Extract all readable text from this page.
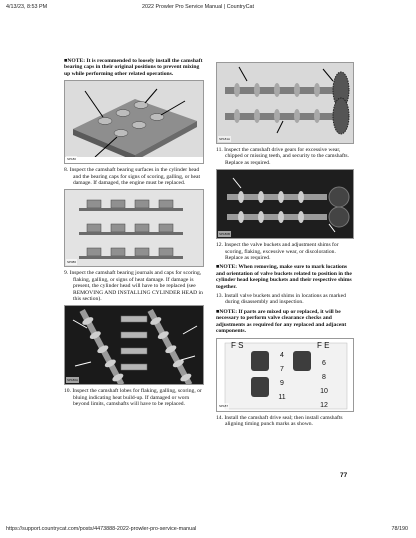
4/13/23, 8:53 PM	2022 Prowler Pro Service Manual | CountryCat
https://support.countrycat.com/posts/4473888-2022-prowler-pro-service-manual	78/190

■NOTE: It is recommended to loosely install the camshaft bearing caps in their original positions to prevent mixing up while performing other related operations.

SP180

8. Inspect the camshaft bearing surfaces in the cylinder head and the bearing caps for signs of scoring, galling, or heat damage. If damaged, the engine must be replaced.

SP086

9. Inspect the camshaft bearing journals and caps for scoring, flaking, galling, or signs of heat damage. If damage is present, the cylinder head will have to be replaced (see REMOVING AND INSTALLING CYLINDER HEAD in this section).

SP180A

10. Inspect the camshaft lobes for flaking, galling, scoring, or bluing indicating heat build-up. If damaged or worn beyond limits, camshafts will have to be replaced.

SP181A

11. Inspect the camshaft drive gears for excessive wear, chipped or missing teeth, and security to the camshafts. Replace as required.

SP180B

12. Inspect the valve buckets and adjustment shims for scoring, flaking, excessive wear, or discoloration. Replace as required.

■NOTE: When removing, make sure to mark locations and orientation of valve buckets related to position in the cylinder head keeping buckets and their respective shims together.

13. Install valve buckets and shims in locations as marked during disassembly and inspection.

■NOTE: If parts are mixed up or replaced, it will be necessary to perform valve clearance checks and adjustments as required for any replaced and adjacent components.

F S	F E
4
7
9
11
6
8
10
12
SP187

14. Install the camshaft drive seal; then install camshafts aligning timing punch marks as shown.

77
